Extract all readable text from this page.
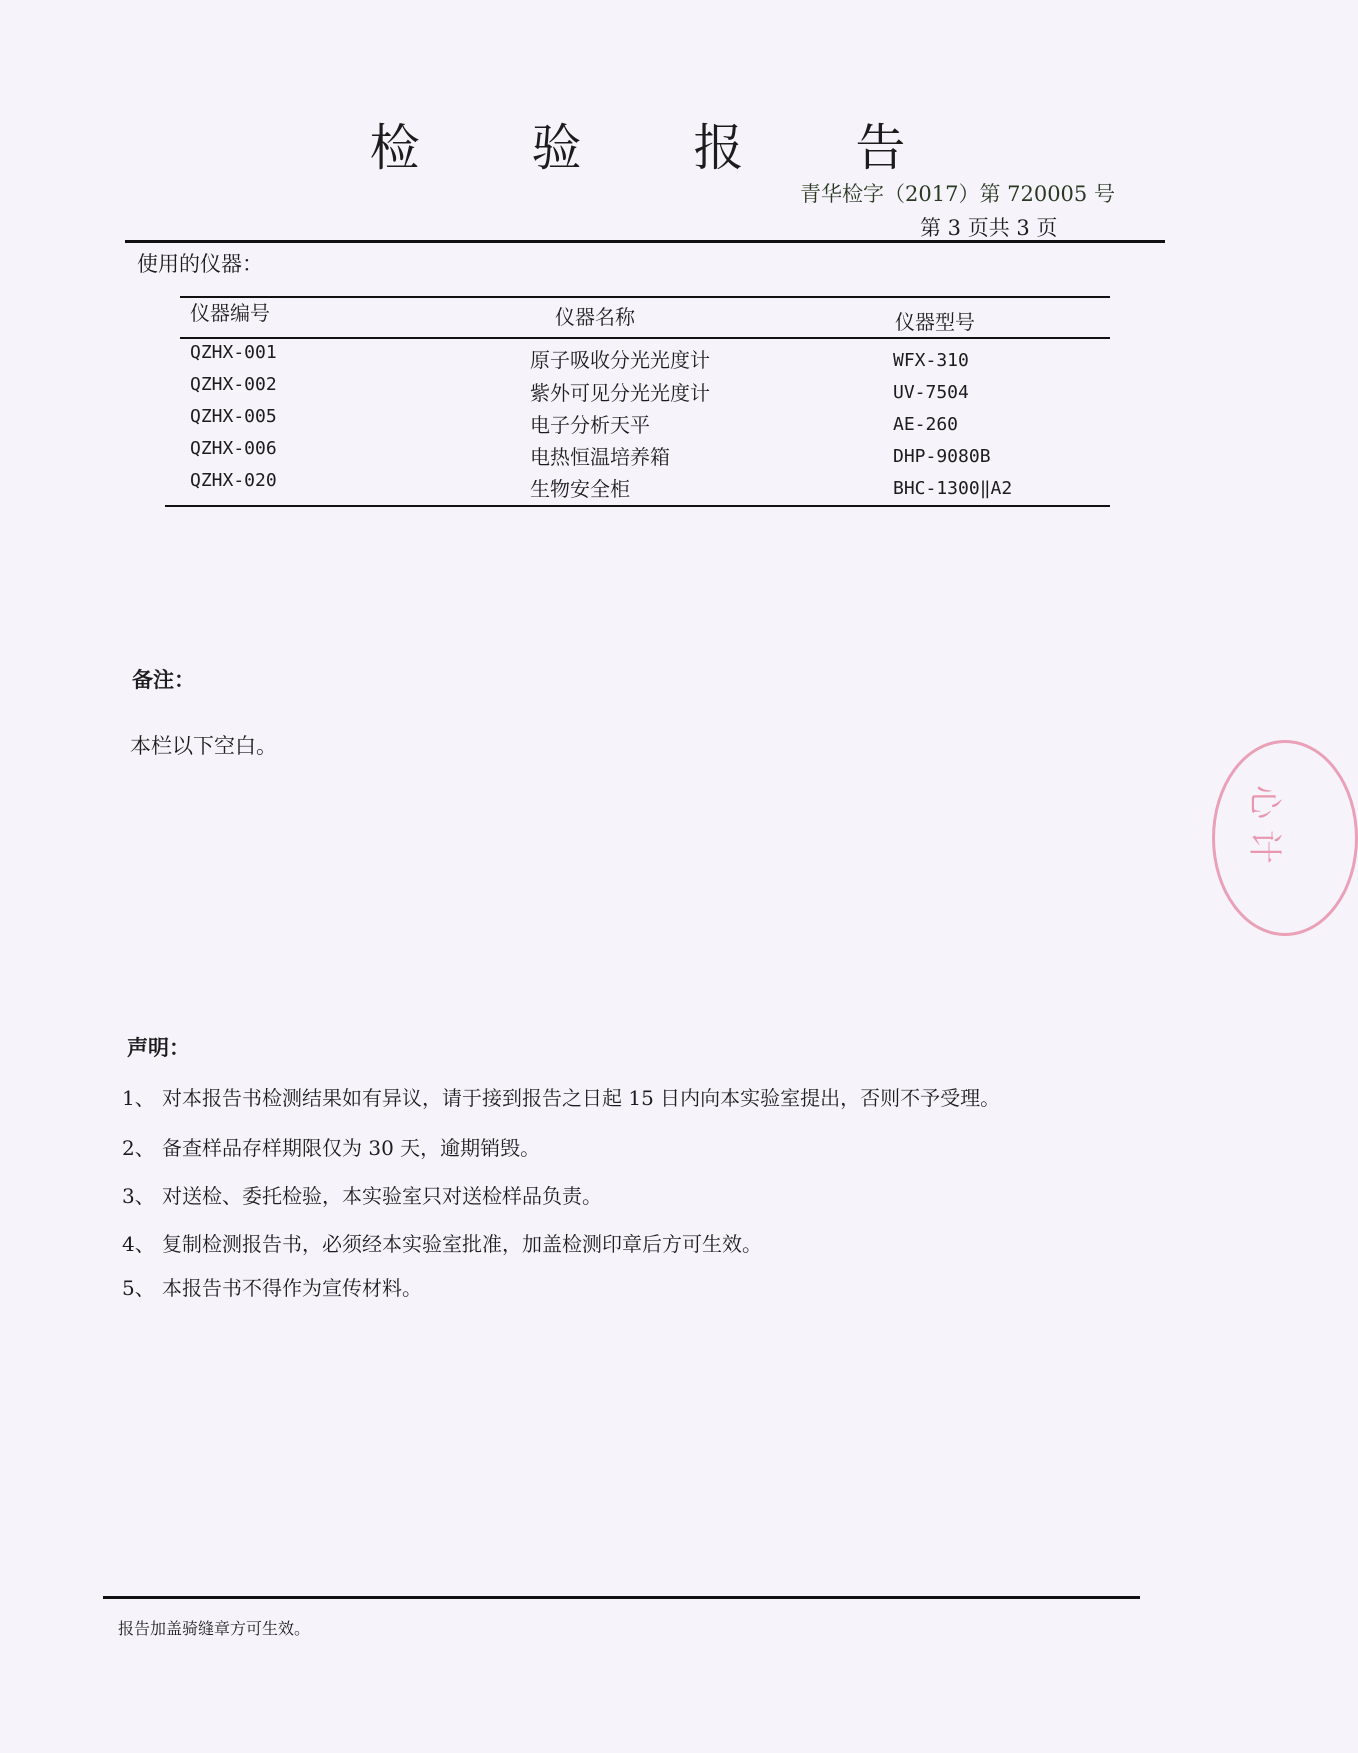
检 验 报 告
青华检字（2017）第 720005 号
第 3 页共 3 页
使用的仪器：
仪器编号	仪器名称	仪器型号
QZHX-001	原子吸收分光光度计	WFX-310
QZHX-002	紫外可见分光光度计	UV-7504
QZHX-005	电子分析天平	AE-260
QZHX-006	电热恒温培养箱	DHP-9080B
QZHX-020	生物安全柜	BHC-1300‖A2
备注：
本栏以下空白。
声明：
1、 对本报告书检测结果如有异议，请于接到报告之日起 15 日内向本实验室提出，否则不予受理。
2、 备查样品存样期限仅为 30 天，逾期销毁。
3、 对送检、委托检验，本实验室只对送检样品负责。
4、 复制检测报告书，必须经本实验室批准，加盖检测印章后方可生效。
5、 本报告书不得作为宣传材料。
报告加盖骑缝章方可生效。
心 计
